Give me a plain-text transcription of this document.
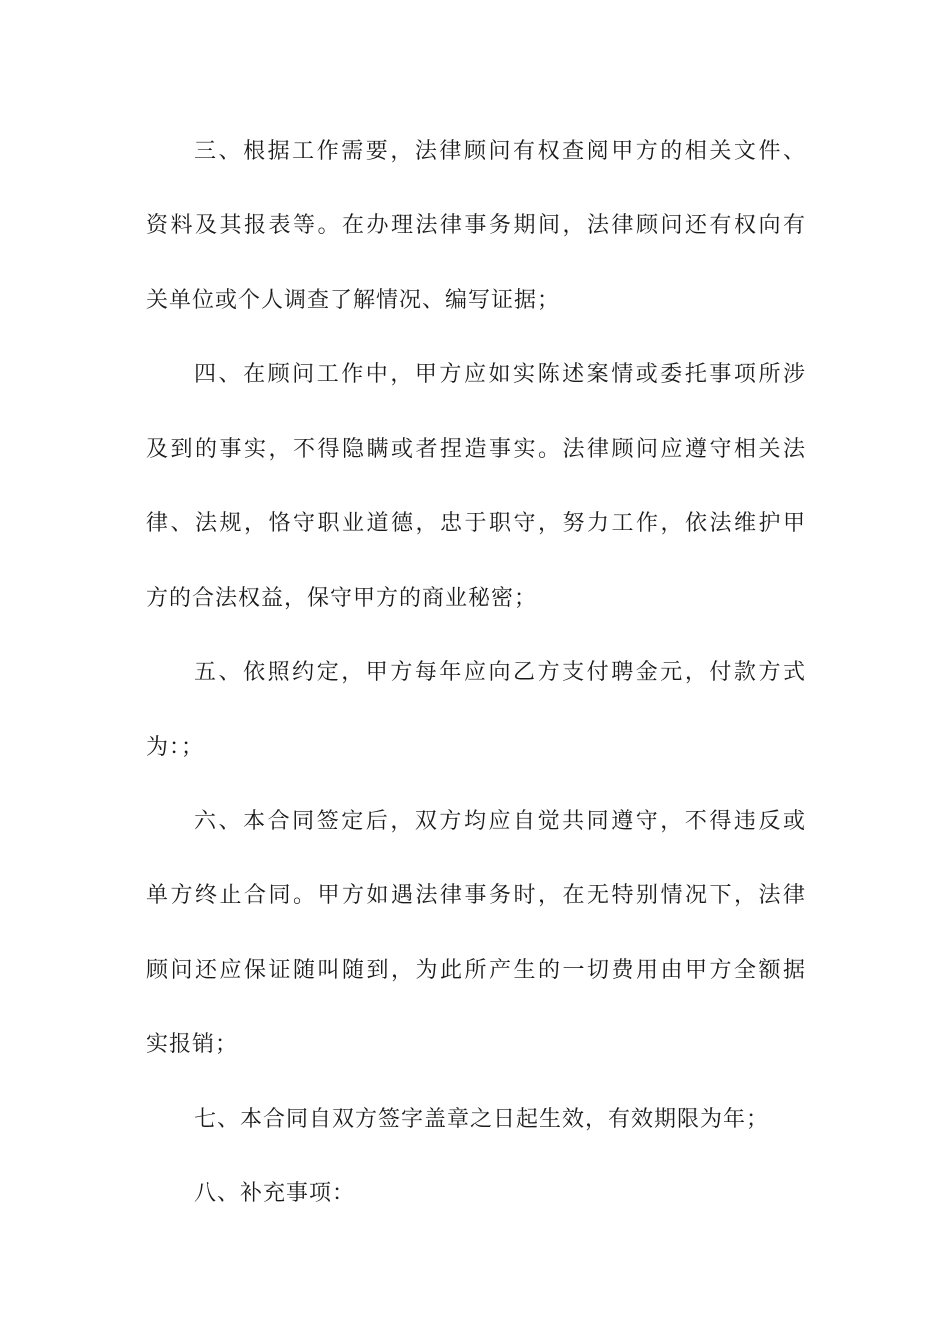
三、根据工作需要，法律顾问有权查阅甲方的相关文件、
资料及其报表等。在办理法律事务期间，法律顾问还有权向有
关单位或个人调查了解情况、编写证据；
四、在顾问工作中，甲方应如实陈述案情或委托事项所涉
及到的事实，不得隐瞒或者捏造事实。法律顾问应遵守相关法
律、法规，恪守职业道德，忠于职守，努力工作，依法维护甲
方的合法权益，保守甲方的商业秘密；
五、依照约定，甲方每年应向乙方支付聘金元，付款方式
为：；
六、本合同签定后，双方均应自觉共同遵守，不得违反或
单方终止合同。甲方如遇法律事务时，在无特别情况下，法律
顾问还应保证随叫随到，为此所产生的一切费用由甲方全额据
实报销；
七、本合同自双方签字盖章之日起生效，有效期限为年；
八、补充事项：
